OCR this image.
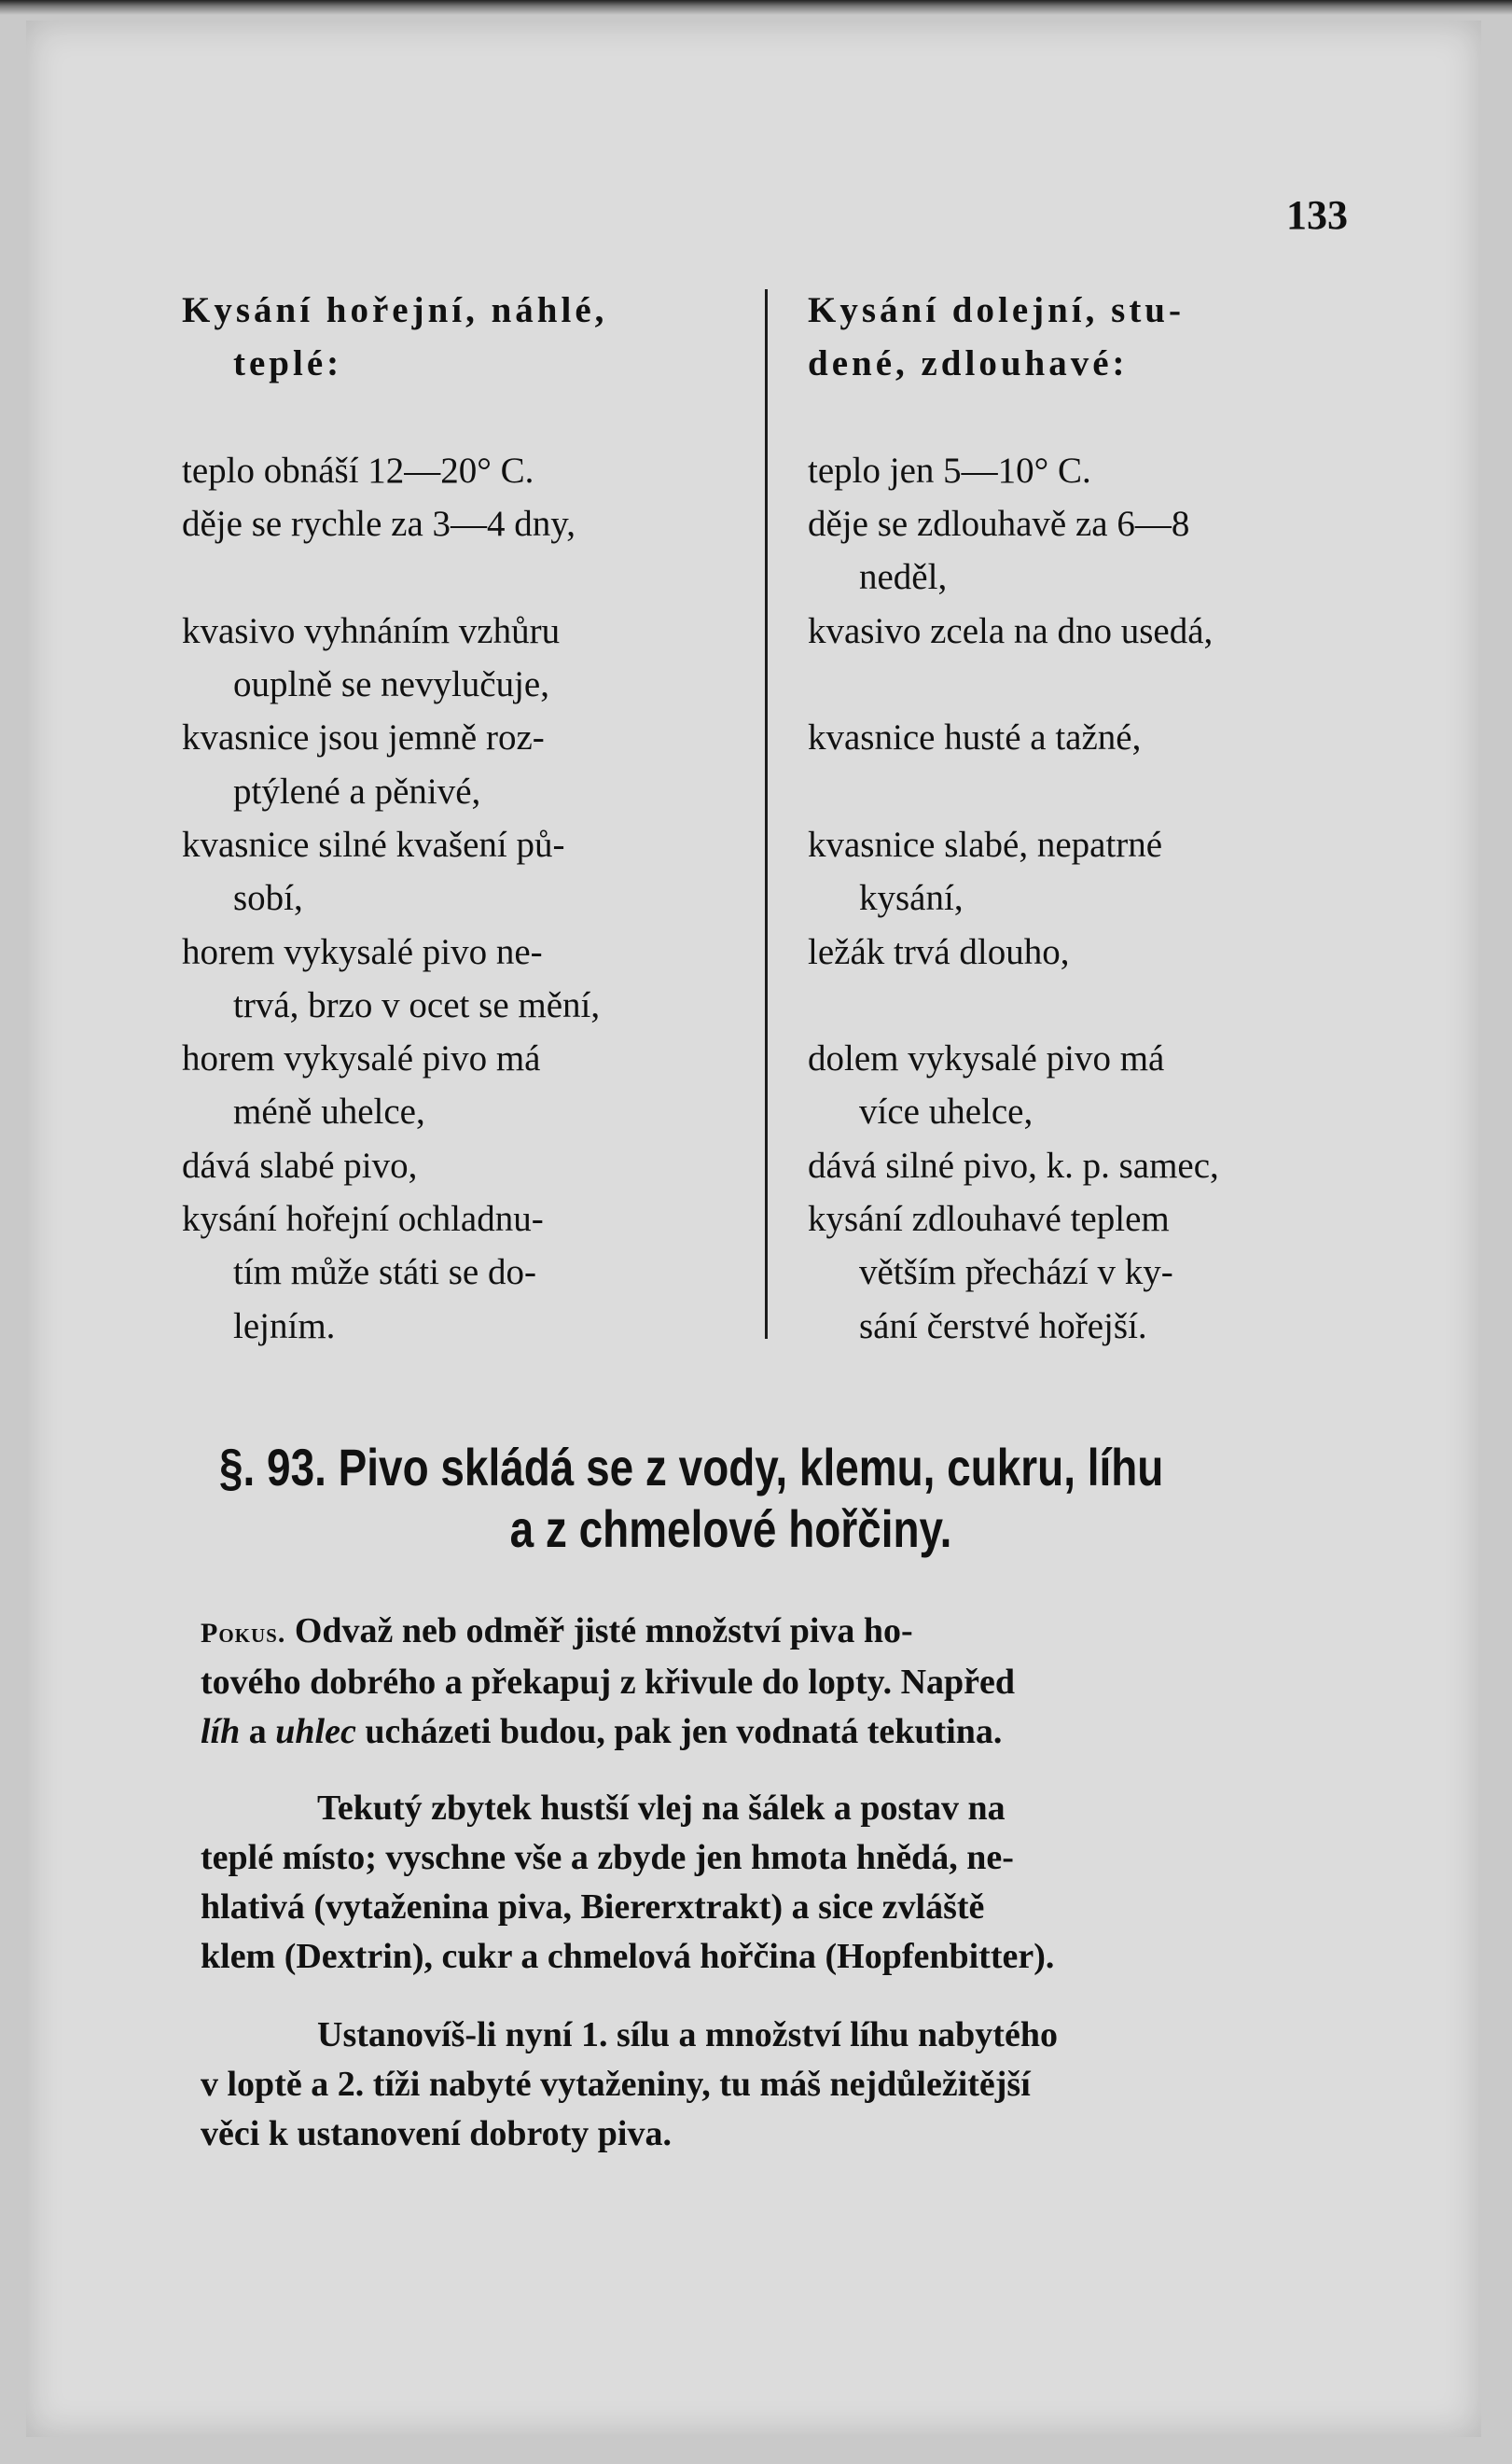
133
Kysání hořejní, náhlé,
teplé:
teplo obnáší 12—20° C.
děje se rychle za 3—4 dny,
kvasivo vyhnáním vzhůru
ouplně se nevylučuje,
kvasnice jsou jemně roz-
ptýlené a pěnivé,
kvasnice silné kvašení pů-
sobí,
horem vykysalé pivo ne-
trvá, brzo v ocet se mění,
horem vykysalé pivo má
méně uhelce,
dává slabé pivo,
kysání hořejní ochladnu-
tím může státi se do-
lejním.
Kysání dolejní, stu-
dené, zdlouhavé:
teplo jen 5—10° C.
děje se zdlouhavě za 6—8
neděl,
kvasivo zcela na dno usedá,
kvasnice husté a tažné,
kvasnice slabé, nepatrné
kysání,
ležák trvá dlouho,
dolem vykysalé pivo má
více uhelce,
dává silné pivo, k. p. samec,
kysání zdlouhavé teplem
větším přechází v ky-
sání čerstvé hořejší.
§. 93. Pivo skládá se z vody, klemu, cukru, líhu
a z chmelové hořčiny.
Pokus. Odvaž neb odměř jisté množství piva ho-
tového dobrého a překapuj z křivule do lopty. Napřed
líh a uhlec ucházeti budou, pak jen vodnatá tekutina.
Tekutý zbytek hustší vlej na šálek a postav na
teplé místo; vyschne vše a zbyde jen hmota hnědá, ne-
hlativá (vytaženina piva, Biererxtrakt) a sice zvláště
klem (Dextrin), cukr a chmelová hořčina (Hopfenbitter).
Ustanovíš-li nyní 1. sílu a množství líhu nabytého
v loptě a 2. tíži nabyté vytaženiny, tu máš nejdůležitější
věci k ustanovení dobroty piva.
